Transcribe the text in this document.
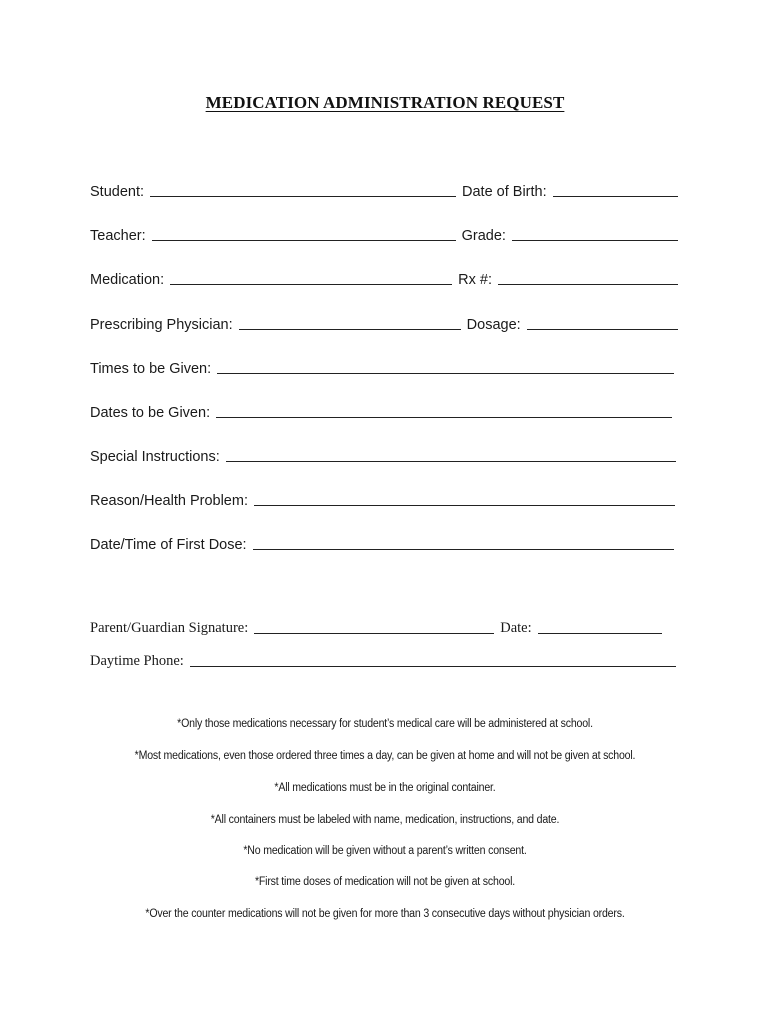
MEDICATION ADMINISTRATION REQUEST
Student:	Date of Birth:
Teacher:	Grade:
Medication:	Rx #:
Prescribing Physician:	Dosage:
Times to be Given:
Dates to be Given:
Special Instructions:
Reason/Health Problem:
Date/Time of First Dose:
Parent/Guardian Signature:	Date:
Daytime Phone:
*Only those medications necessary for student’s medical care will be administered at school.
*Most medications, even those ordered three times a day, can be given at home and will not be given at school.
*All medications must be in the original container.
*All containers must be labeled with name, medication, instructions, and date.
*No medication will be given without a parent’s written consent.
*First time doses of medication will not be given at school.
*Over the counter medications will not be given for more than 3 consecutive days without physician orders.
